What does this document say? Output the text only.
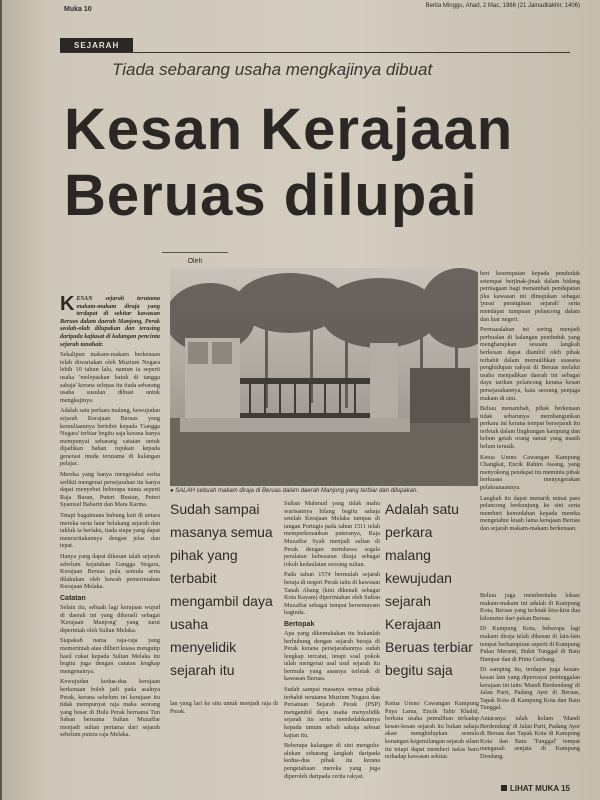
Muka 10	Berita Minggu, Ahad, 2 Mac, 1986 (21 Jamadilakhir, 1406)
SEJARAH
Tiada sebarang usaha mengkajinya dibuat
Kesan Kerajaan
Beruas dilupai
Oleh

K ESAN sejarah terutama makam-makam diraja yang terdapat di sekitar kawasan Beruas dalam daerah Manjong, Perak seolah-olah dilupakan dan terasing daripada kajiasat di kalangan pencinta sejarah tanahair.

Sekalipun makam-makam berkenaan telah diwartakan oleh Muzium Negara lebih 10 tahun lalu, namun ia seperti usaha 'melepaskan batuk di tangga sahaja' kerana selepas itu tiada sebarang usaha susulan dibuat untuk mengkajinya.

Adalah satu perkara malang, kewujudan sejarah Kerajaan Beruas yang kemuliaannya bertubir kepada 'Gangga Negara' terbiar begitu saja kerana hanya mempunyai sebarang catatan untuk dijadikan bahan rujukan kepada generasi muda terutama di kalangan pelajar.

Mereka yang hanya mengetahui serba sedikit mengenai persejarahan itu hanya dapat menyebut beberapa nama seperti Raja Buran, Puteri Bustan, Puteri Syamsul Baharin dan Mara Karma.

Tetapi bagaimana hubung kait di antara mereka serta latar belakang sejarah dan takluk ia berlaku, tiada siapa yang dapat menceritakannya dengan jelas dan tepat.

Hanya yang dapat dikesan ialah sejarah sebelum kejatuhan Gangga Negara, Kerajaan Beruas pula semula serta dilakukan oleh bawah pemerintahan Kerajaan Melaka.

Catatan

Selain itu, sebuah lagi kerajaan wujud di daerah ini yang dikenali sebagai 'Kerajaan Manjong' yang turut diperintah oleh Sultan Melaka.

Siapakah nama raja-raja yang memerintah atau dilhert kuasa mengutip hasil cukai kepada Sultan Melaka ini begitu juga dengan catatan lengkap mengenainya.

Kewujudan kedua-dua kerajaan berkenaan boleh jadi pada asalnya Perak, kerana sebelum ini kerajaan itu tidak mempunyai raja maka seorang yang besar di Hulu Perak bernama Tun Saban bersama Sultan Muzaffar menjadi sultan pertama dari sejarah sebelum putera raja Melaka.

● SALAH sebuah makam diraja di Beruas dalam daerah Manjong yang terbiar dan dilupakan.
Sudah sampai masanya semua pihak yang terbabit mengambil daya usaha menyelidik sejarah itu
Adalah satu perkara malang kewujudan sejarah Kerajaan Beruas terbiar begitu saja

Sultan Mahmud yang tidak mahu warisannya hilang begitu sahaja setelah Kerajaan Melaka tumpas di tangan Portugis pada tahun 1511 telah memperkenankan puteranya, Raja Muzaffar Syah menjadi sultan di Perak dengan membawa segala peralatan kebesaran diraja sebagai tokoh kedaulatan seorang sultan.

Pada tahun 1574 bermulah sejarah beraja di negeri Perak iaitu di kawasan Tanah Abang (kini dikenali sebagai Kota Kayam) diperintahan oleh Sultan Muzaffar sebagai tempat bersemayam baginda.

Bertopak

Apa yang dikemukakan itu bukanlah berhubung dengan sejarah beraja di Perak kerana persejarahannya sudah lengkap tercatat, tetapi soal pokok ialah mengenai asal usul sejarah itu bermula yang asasnya terletak di kawasan Beruas.

Sudah sampai masanya semua pihak terbabit terutama Muzium Negara dan Persatuan Sejarah Perak (PSP) mengambil daya usaha menyelidik sejarah itu serta mendedahkannya kepada umum sebab sahaja selesai kajian itu.

Beberapa kalangan di sini mengulu-alukan sebarang langkah daripada kedua-dua pihak itu kerana pengetahuan mereka yang juga diperoleh daripada cerita rakyat.

lan yang lari ke situ untuk menjadi raja di Perak.

Ketua Umno Cawangan Kampung Paya Lama, Encik Tahir Khalid, berkata usaha pemulihan terhadap kesan-kesan sejarah itu bukan sahaja akan menghidupkan semula kenangan kegemilangan sejarah silam itu tetapi dapat memberi nafas baru terhadap kawasan sekitar.

beri kesempatan kepada penduduk setempat berjinak-jinak dalam bidang perniagaan bagi menambah pendapatan jika kawasan ini dimajukan sebagai 'pusat peranginan sejarah' serta mendapat tumpuan pelancong dalam dan luar negeri.

Permasalahan ini sering menjadi perbualan di kalangan penduduk yang mengharapkan sesuatu langkah berkesan dapat diambil oleh pihak terbabit dalam memulihkan suasana penghidupan rakyat di Beruas melalui usaha menjadikan daerah ini sebagai daya tarikan pelancong kerana kesan persejarahannya, kata seorang penjaga makam di sini.

Beliau menambah, pihak berkenaan tidak sebarunya membangunkan perkara ini kerana tempat bersejarah itu terletak dalam lingkungan kampung dan kebun getah orang ramai yang masih belum terusik.

Ketua Umno Cawangan Kampung Changkat, Encik Rahim Awang, yang menyokong pendapat itu meminta pihak berkuasa menyegerakan pelaksanaannya.

Langkah itu dapat menarik minat para pelancong berkunjung ke sini serta memberi kemudahan kepada mereka mengetahui kisah lama kerajaan Beruas dan sejarah makam-makam berkenaan.

Beliau juga memberitahu lokasi makam-makam ini adalah di Kampung Kota, Beruas yang terletak kira-kira dua kilometer dari pekan Beruas.

Di Kampung Kota, beberapa lagi makam diraja telah dikesan di lain-lain tempat berhampiran seperti di Kampung Pulau Meranti, Bukit Tunggal di Batu Hampar dan di Pintu Gerbang.

Di samping itu, terdapat juga kesan-kesan lain yang dipercayai peninggalan kerajaan ini iaitu 'Mandi Berdendang' di Jalan Parit, Padang Ayer di Beruas, Tapak Kota di Kampung Kota dan Batu Tunggal.

Antaranya ialah kolam 'Mandi Berdendang' di Jalan Parit, Padang Ayer di Beruas dan Tapak Kota di Kampung Kota dan Batu 'Tunggal' tempat mengasah senjata di Kampung Dendang.

LIHAT MUKA 15
